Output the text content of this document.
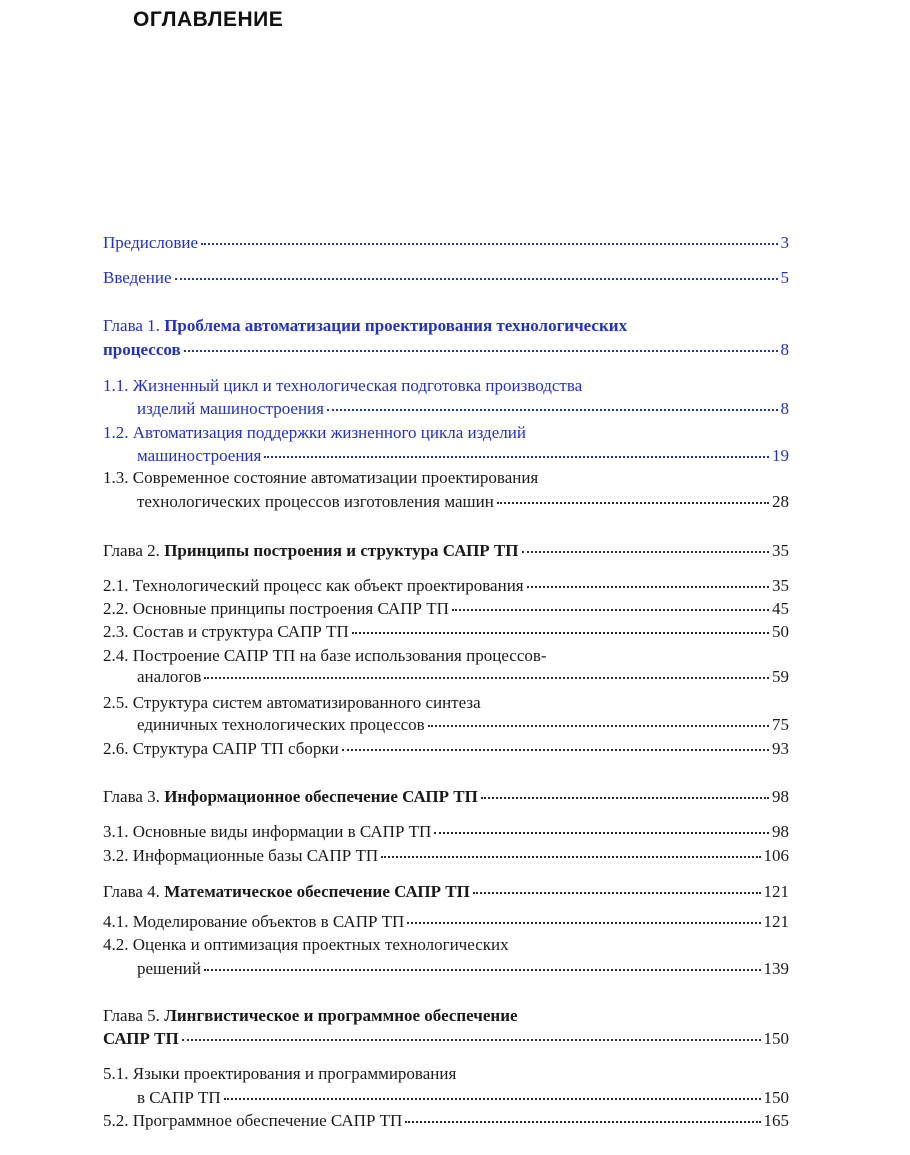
ОГЛАВЛЕНИЕ
Предисловие	3
Введение	5
Глава 1. Проблема автоматизации проектирования технологических
процессов	8
1.1. Жизненный цикл и технологическая подготовка производства
изделий машиностроения	8
1.2. Автоматизация поддержки жизненного цикла изделий
машиностроения	19
1.3. Современное состояние автоматизации проектирования
технологических процессов изготовления машин	28
Глава 2.
Принципы построения и структура САПР ТП	35
2.1.
Технологический процесс как объект проектирования	35
2.2.
Основные принципы построения САПР ТП	45
2.3.
Состав и структура САПР ТП	50
2.4. Построение САПР ТП на базе использования процессов-
аналогов	59
2.5. Структура систем автоматизированного синтеза
единичных технологических процессов	75
2.6.
Структура САПР ТП сборки	93
Глава 3.
Информационное обеспечение САПР ТП	98
3.1.
Основные виды информации в САПР ТП	98
3.2.
Информационные базы САПР ТП	106
Глава 4.
Математическое обеспечение САПР ТП	121
4.1.
Моделирование объектов в САПР ТП	121
4.2. Оценка и оптимизация проектных технологических
решений	139
Глава 5. Лингвистическое и программное обеспечение
САПР ТП	150
5.1. Языки проектирования и программирования
в САПР ТП	150
5.2.
Программное обеспечение САПР ТП	165
